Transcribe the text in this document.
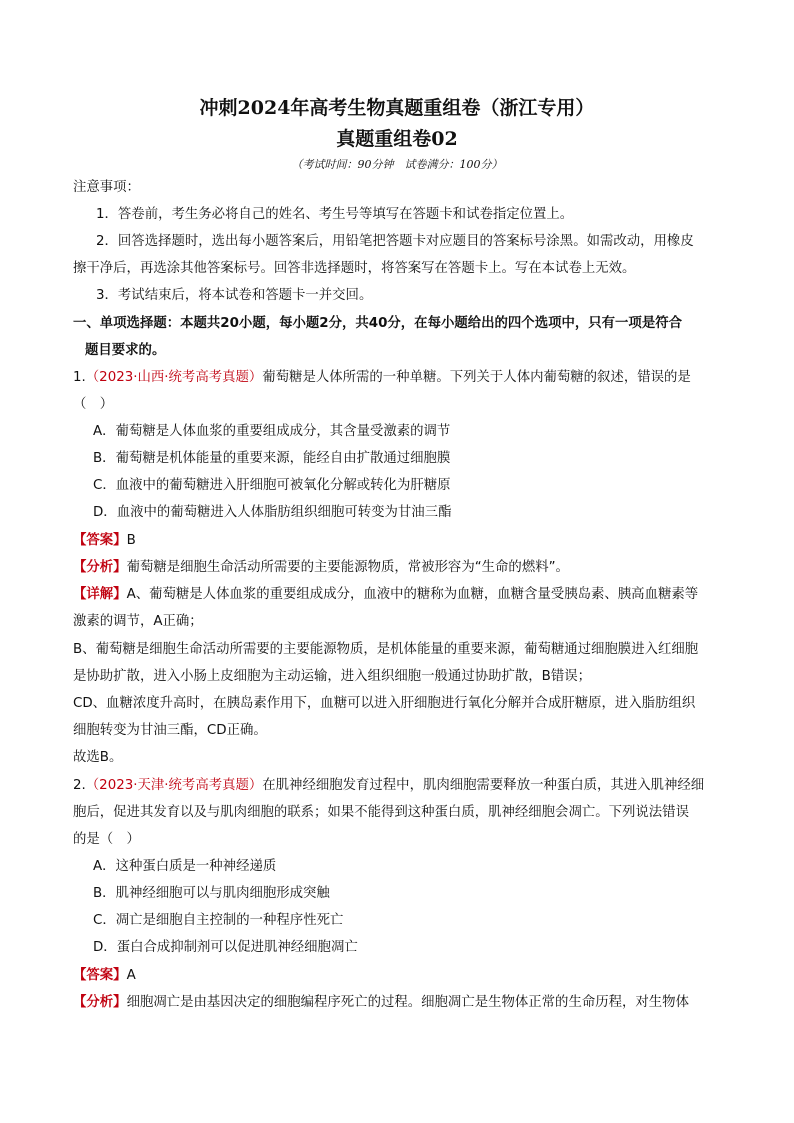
冲刺2024年高考生物真题重组卷（浙江专用）
真题重组卷02
（考试时间：90分钟　试卷满分：100分）
注意事项：
1．答卷前，考生务必将自己的姓名、考生号等填写在答题卡和试卷指定位置上。
2．回答选择题时，选出每小题答案后，用铅笔把答题卡对应题目的答案标号涂黑。如需改动，用橡皮
擦干净后，再选涂其他答案标号。回答非选择题时，将答案写在答题卡上。写在本试卷上无效。
3．考试结束后，将本试卷和答题卡一并交回。
一、单项选择题：本题共20小题，每小题2分，共40分，在每小题给出的四个选项中，只有一项是符合
题目要求的。
1.（2023·山西·统考高考真题）葡萄糖是人体所需的一种单糖。下列关于人体内葡萄糖的叙述，错误的是
（　）
A．葡萄糖是人体血浆的重要组成成分，其含量受激素的调节
B．葡萄糖是机体能量的重要来源，能经自由扩散通过细胞膜
C．血液中的葡萄糖进入肝细胞可被氧化分解或转化为肝糖原
D．血液中的葡萄糖进入人体脂肪组织细胞可转变为甘油三酯
【答案】B
【分析】葡萄糖是细胞生命活动所需要的主要能源物质，常被形容为“生命的燃料”。
【详解】A、葡萄糖是人体血浆的重要组成成分，血液中的糖称为血糖，血糖含量受胰岛素、胰高血糖素等
激素的调节，A正确；
B、葡萄糖是细胞生命活动所需要的主要能源物质，是机体能量的重要来源，葡萄糖通过细胞膜进入红细胞
是协助扩散，进入小肠上皮细胞为主动运输，进入组织细胞一般通过协助扩散，B错误；
CD、血糖浓度升高时，在胰岛素作用下，血糖可以进入肝细胞进行氧化分解并合成肝糖原，进入脂肪组织
细胞转变为甘油三酯，CD正确。
故选B。
2.（2023·天津·统考高考真题）在肌神经细胞发育过程中，肌肉细胞需要释放一种蛋白质，其进入肌神经细
胞后，促进其发育以及与肌肉细胞的联系；如果不能得到这种蛋白质，肌神经细胞会凋亡。下列说法错误
的是（　）
A．这种蛋白质是一种神经递质
B．肌神经细胞可以与肌肉细胞形成突触
C．凋亡是细胞自主控制的一种程序性死亡
D．蛋白合成抑制剂可以促进肌神经细胞凋亡
【答案】A
【分析】细胞凋亡是由基因决定的细胞编程序死亡的过程。细胞凋亡是生物体正常的生命历程，对生物体
